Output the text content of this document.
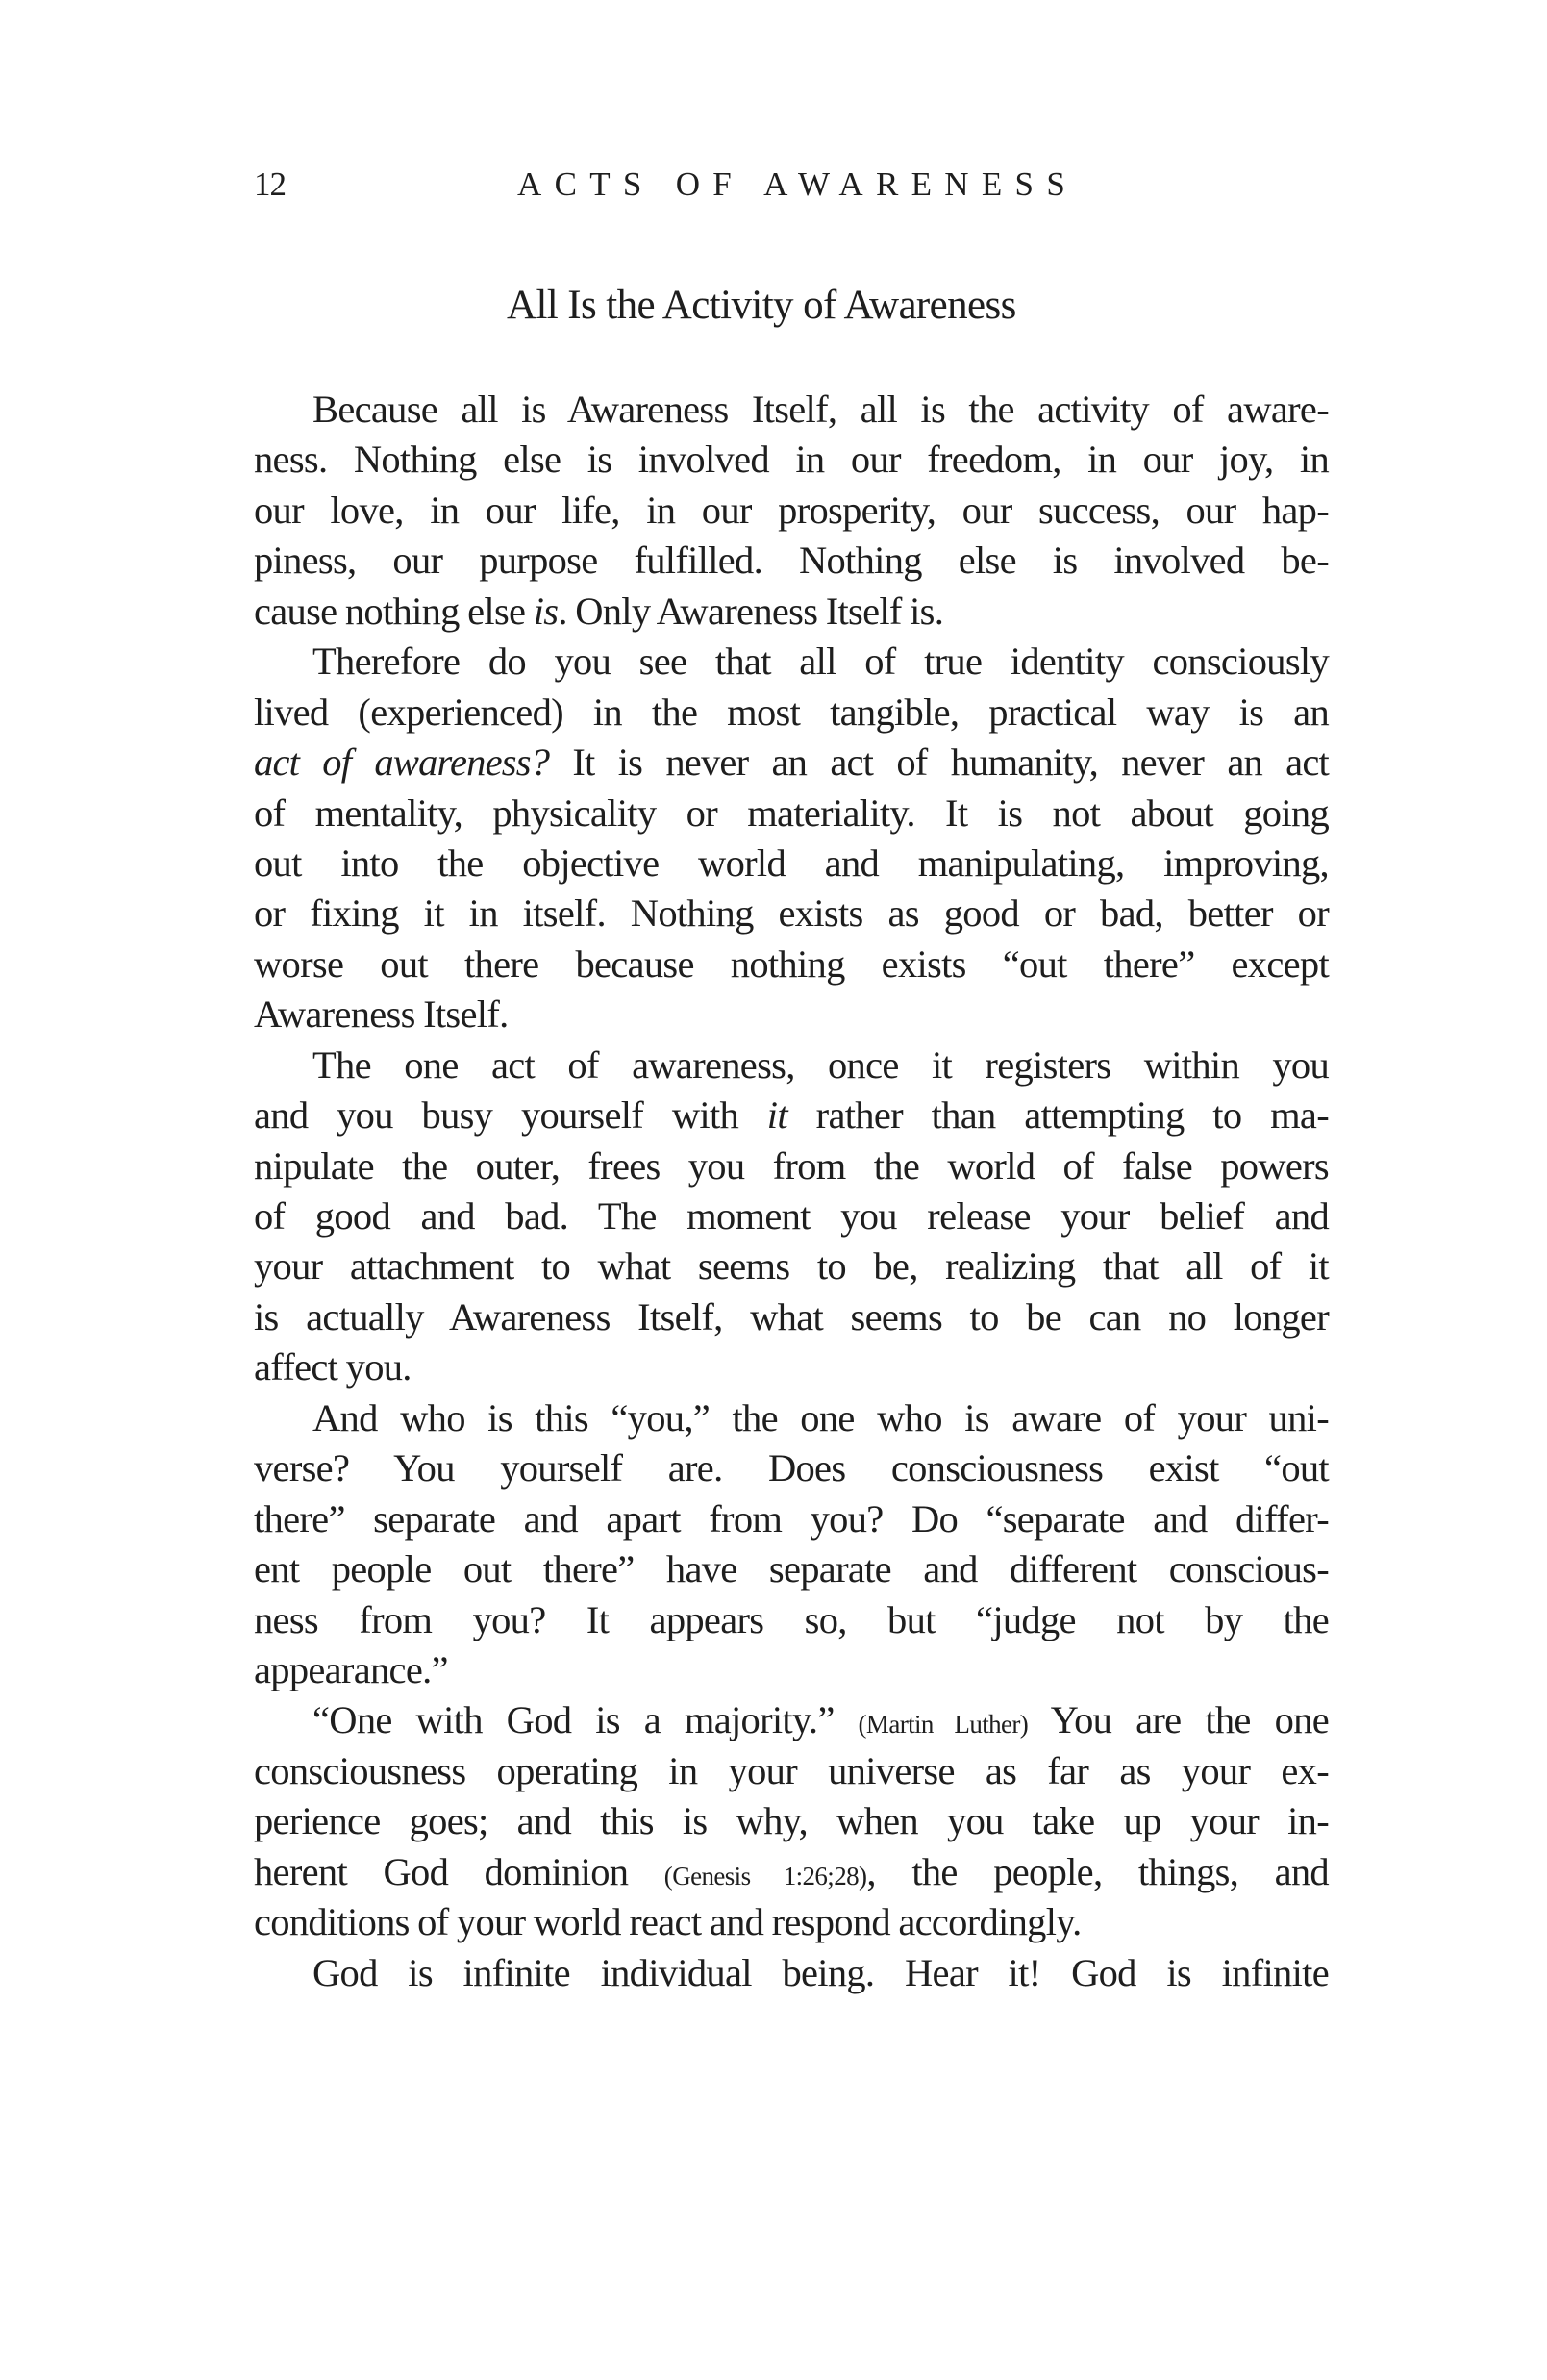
12	ACTS OF AWARENESS
All Is the Activity of Awareness
Because all is Awareness Itself, all is the activity of aware-
ness. Nothing else is involved in our freedom, in our joy, in
our love, in our life, in our prosperity, our success, our hap-
piness, our purpose fulfilled. Nothing else is involved be-
cause nothing else is. Only Awareness Itself is.
Therefore do you see that all of true identity consciously
lived (experienced) in the most tangible, practical way is an
act of awareness? It is never an act of humanity, never an act
of mentality, physicality or materiality. It is not about going
out into the objective world and manipulating, improving,
or fixing it in itself. Nothing exists as good or bad, better or
worse out there because nothing exists “out there” except
Awareness Itself.
The one act of awareness, once it registers within you
and you busy yourself with it rather than attempting to ma-
nipulate the outer, frees you from the world of false powers
of good and bad. The moment you release your belief and
your attachment to what seems to be, realizing that all of it
is actually Awareness Itself, what seems to be can no longer
affect you.
And who is this “you,” the one who is aware of your uni-
verse? You yourself are. Does consciousness exist “out
there” separate and apart from you? Do “separate and differ-
ent people out there” have separate and different conscious-
ness from you? It appears so, but “judge not by the
appearance.”
“One with God is a majority.” (Martin Luther) You are the one
consciousness operating in your universe as far as your ex-
perience goes; and this is why, when you take up your in-
herent God dominion (Genesis 1:26;28), the people, things, and
conditions of your world react and respond accordingly.
God is infinite individual being. Hear it! God is infinite
